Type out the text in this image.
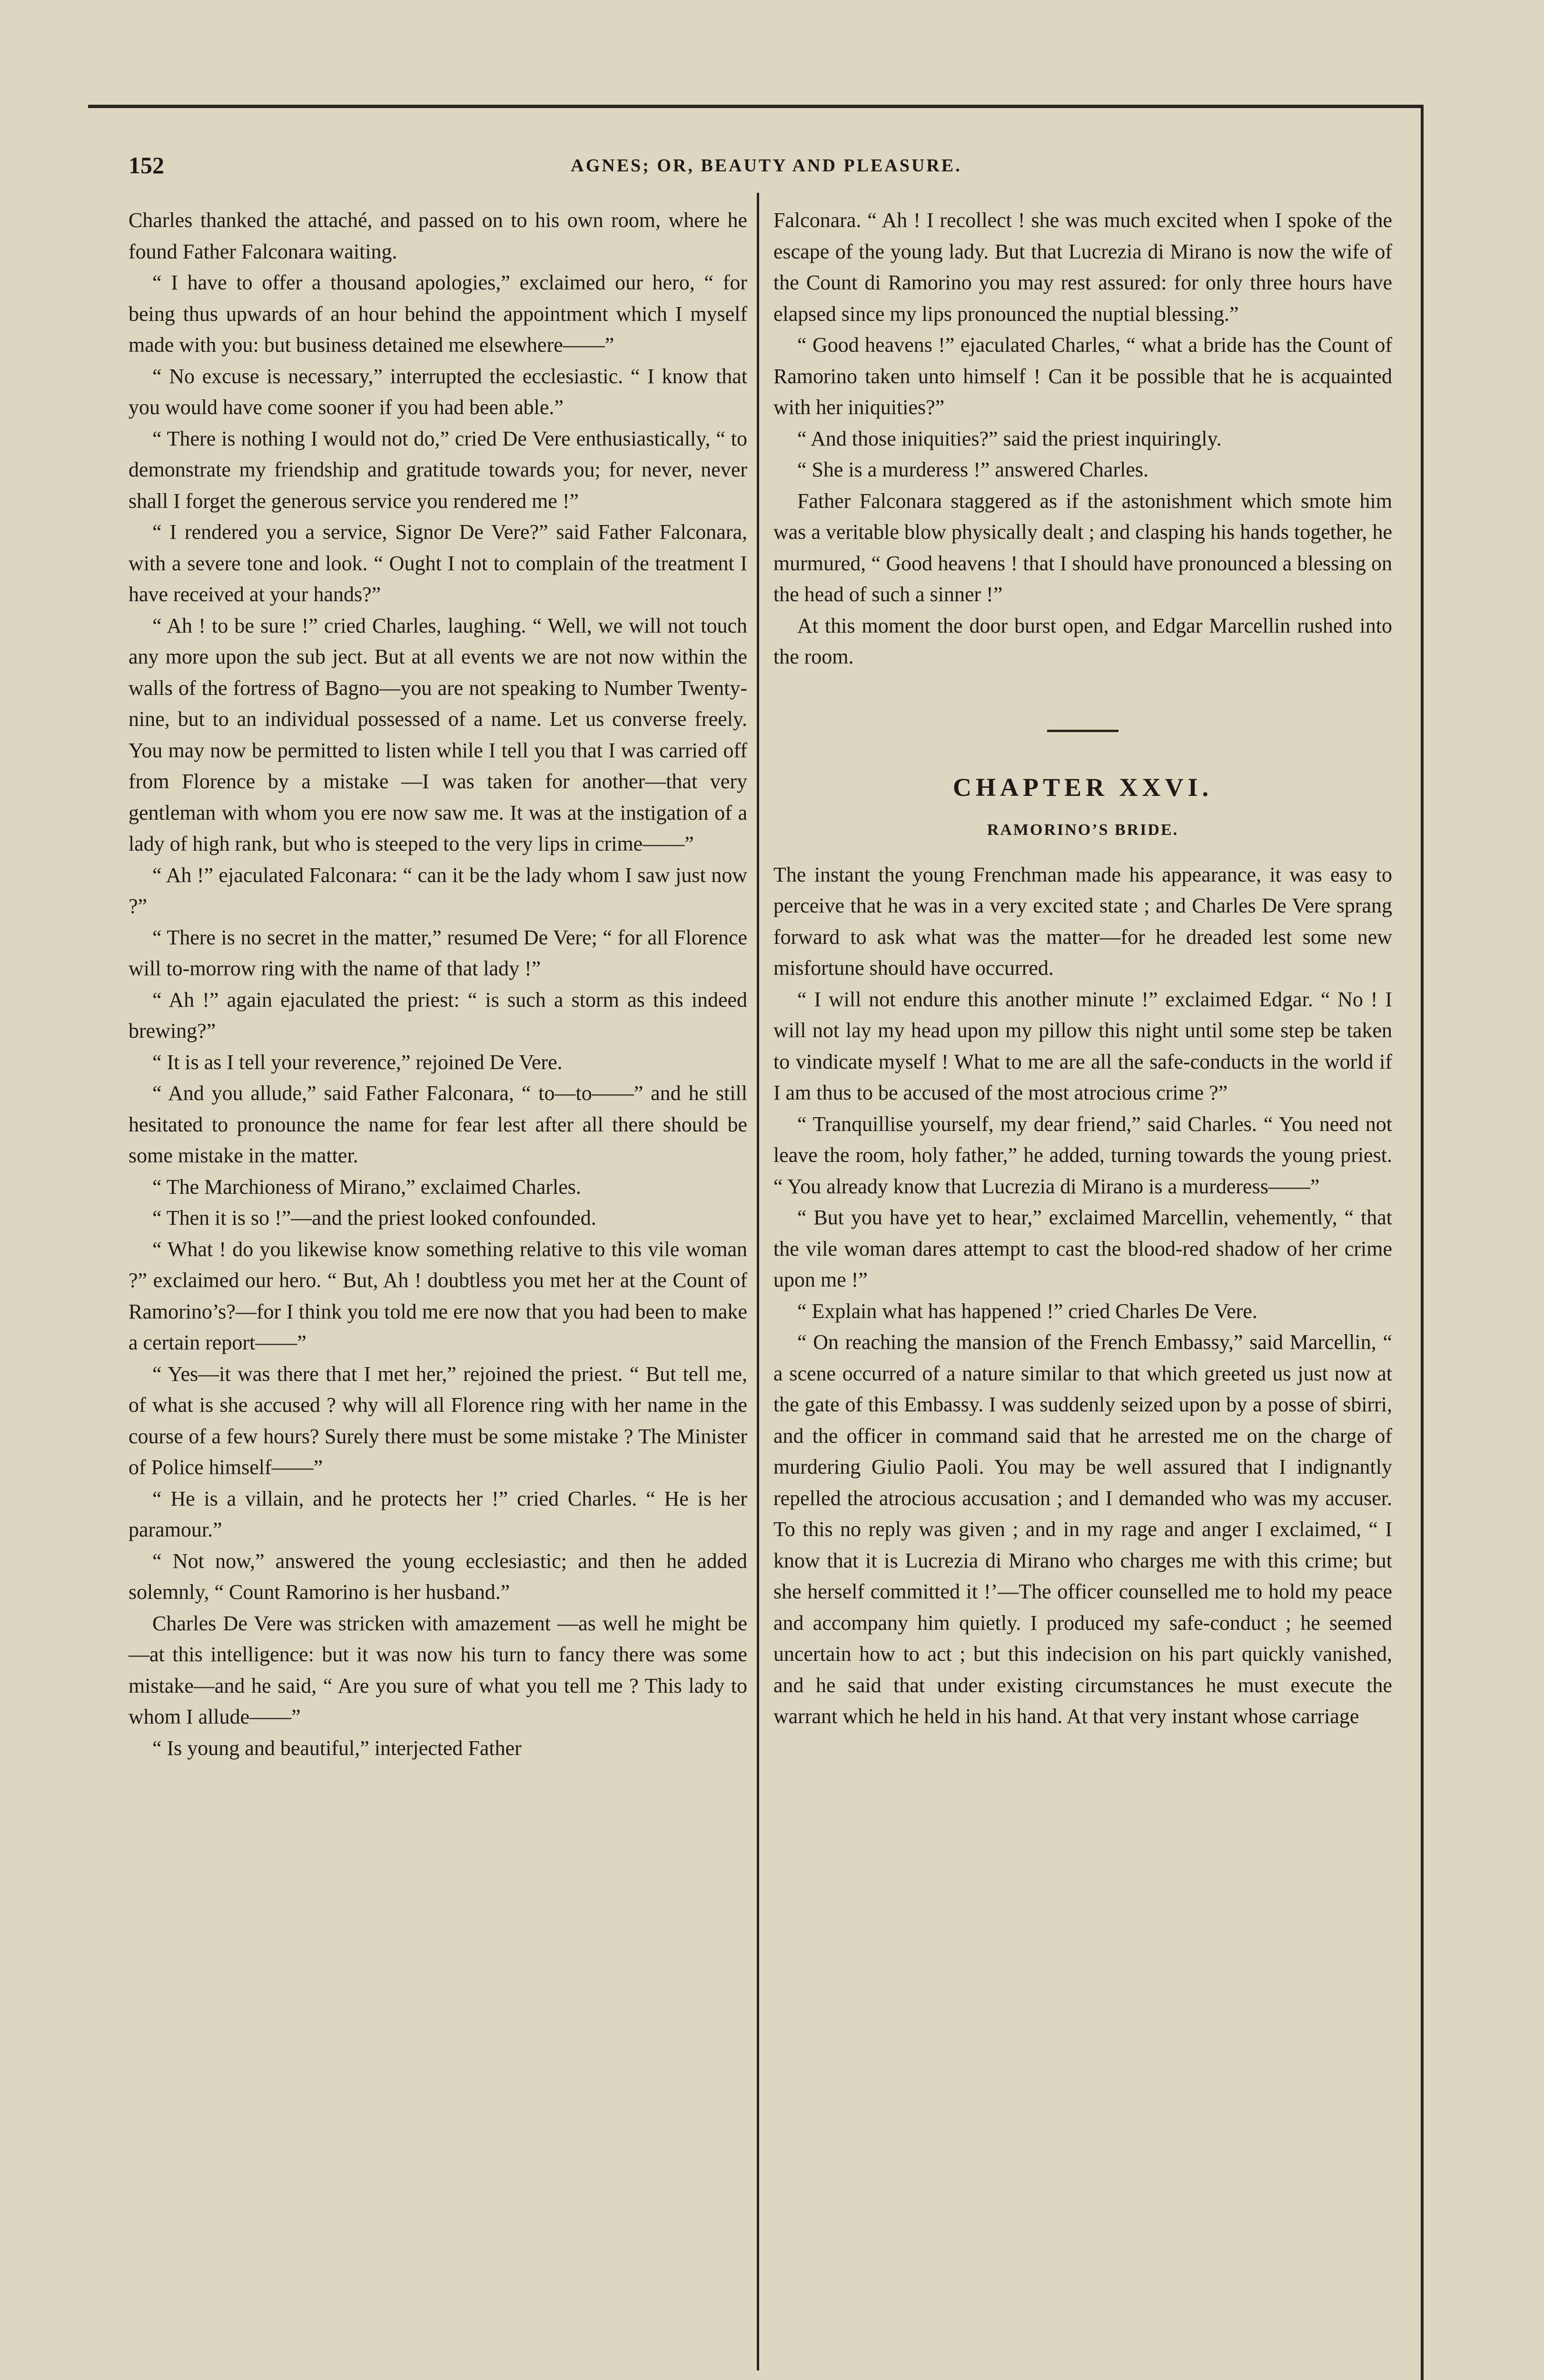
152	AGNES; OR, BEAUTY AND PLEASURE.

Charles thanked the attaché, and passed on to his own room, where he found Father Falconara waiting.

“ I have to offer a thousand apologies,” exclaimed our hero, “ for being thus upwards of an hour behind the appointment which I myself made with you: but business detained me elsewhere——”

“ No excuse is necessary,” interrupted the ecclesiastic. “ I know that you would have come sooner if you had been able.”

“ There is nothing I would not do,” cried De Vere enthusiastically, “ to demonstrate my friendship and gratitude towards you; for never, never shall I forget the generous service you rendered me !”

“ I rendered you a service, Signor De Vere?” said Father Falconara, with a severe tone and look. “ Ought I not to complain of the treatment I have received at your hands?”

“ Ah ! to be sure !” cried Charles, laughing. “ Well, we will not touch any more upon the sub ject. But at all events we are not now within the walls of the fortress of Bagno—you are not speaking to Number Twenty-nine, but to an individual possessed of a name. Let us converse freely. You may now be permitted to listen while I tell you that I was carried off from Florence by a mistake —I was taken for another—that very gentleman with whom you ere now saw me. It was at the instigation of a lady of high rank, but who is steeped to the very lips in crime——”

“ Ah !” ejaculated Falconara: “ can it be the lady whom I saw just now ?”

“ There is no secret in the matter,” resumed De Vere; “ for all Florence will to-morrow ring with the name of that lady !”

“ Ah !” again ejaculated the priest: “ is such a storm as this indeed brewing?”

“ It is as I tell your reverence,” rejoined De Vere.

“ And you allude,” said Father Falconara, “ to—to——” and he still hesitated to pronounce the name for fear lest after all there should be some mistake in the matter.

“ The Marchioness of Mirano,” exclaimed Charles.

“ Then it is so !”—and the priest looked confounded.

“ What ! do you likewise know something relative to this vile woman ?” exclaimed our hero. “ But, Ah ! doubtless you met her at the Count of Ramorino’s?—for I think you told me ere now that you had been to make a certain report——”

“ Yes—it was there that I met her,” rejoined the priest. “ But tell me, of what is she accused ? why will all Florence ring with her name in the course of a few hours? Surely there must be some mistake ? The Minister of Police himself——”

“ He is a villain, and he protects her !” cried Charles. “ He is her paramour.”

“ Not now,” answered the young ecclesiastic; and then he added solemnly, “ Count Ramorino is her husband.”

Charles De Vere was stricken with amazement —as well he might be—at this intelligence: but it was now his turn to fancy there was some mistake—and he said, “ Are you sure of what you tell me ? This lady to whom I allude——”

“ Is young and beautiful,” interjected Father

Falconara. “ Ah ! I recollect ! she was much excited when I spoke of the escape of the young lady. But that Lucrezia di Mirano is now the wife of the Count di Ramorino you may rest assured: for only three hours have elapsed since my lips pronounced the nuptial blessing.”

“ Good heavens !” ejaculated Charles, “ what a bride has the Count of Ramorino taken unto himself ! Can it be possible that he is acquainted with her iniquities?”

“ And those iniquities?” said the priest inquiringly.

“ She is a murderess !” answered Charles.

Father Falconara staggered as if the astonishment which smote him was a veritable blow physically dealt ; and clasping his hands together, he murmured, “ Good heavens ! that I should have pronounced a blessing on the head of such a sinner !”

At this moment the door burst open, and Edgar Marcellin rushed into the room.

CHAPTER XXVI.
RAMORINO’S BRIDE.

The instant the young Frenchman made his appearance, it was easy to perceive that he was in a very excited state ; and Charles De Vere sprang forward to ask what was the matter—for he dreaded lest some new misfortune should have occurred.

“ I will not endure this another minute !” exclaimed Edgar. “ No ! I will not lay my head upon my pillow this night until some step be taken to vindicate myself ! What to me are all the safe-conducts in the world if I am thus to be accused of the most atrocious crime ?”

“ Tranquillise yourself, my dear friend,” said Charles. “ You need not leave the room, holy father,” he added, turning towards the young priest. “ You already know that Lucrezia di Mirano is a murderess——”

“ But you have yet to hear,” exclaimed Marcellin, vehemently, “ that the vile woman dares attempt to cast the blood-red shadow of her crime upon me !”

“ Explain what has happened !” cried Charles De Vere.

“ On reaching the mansion of the French Embassy,” said Marcellin, “ a scene occurred of a nature similar to that which greeted us just now at the gate of this Embassy. I was suddenly seized upon by a posse of sbirri, and the officer in command said that he arrested me on the charge of murdering Giulio Paoli. You may be well assured that I indignantly repelled the atrocious accusation ; and I demanded who was my accuser. To this no reply was given ; and in my rage and anger I exclaimed, “ I know that it is Lucrezia di Mirano who charges me with this crime; but she herself committed it !’—The officer counselled me to hold my peace and accompany him quietly. I produced my safe-conduct ; he seemed uncertain how to act ; but this indecision on his part quickly vanished, and he said that under existing circumstances he must execute the warrant which he held in his hand. At that very instant whose carriage
